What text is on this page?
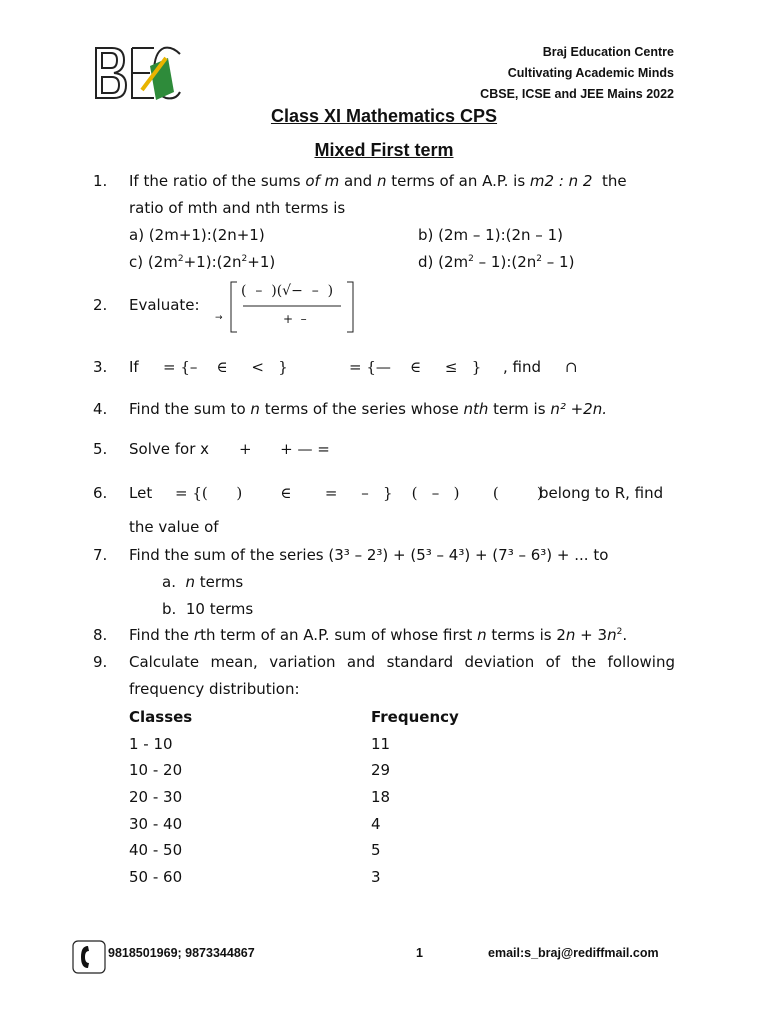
BEC
Braj Education Centre
Cultivating Academic Minds
CBSE, ICSE and JEE Mains 2022
Class XI Mathematics CPS
Mixed First term
1.	If the ratio of the sums of m and n terms of an A.P. is m2 : n 2  the
ratio of mth and nth terms is
a) (2m+1):(2n+1)	b) (2m – 1):(2n – 1)
c) $(2m^2+1):(2n^2+1)$	d) ($2m^2$ – $1):(2n^2 - 1)$
2.	Evaluate:
→
(  –  )(√−  –  )
+  –
3.	If = {–    ∈     <   }	= {—    ∈     ≤   } , find ∩
4.	Find the sum to n terms of the series whose nth term is n² +2n.
5.	Solve for x +      + — =
6.	Let = {(      )        ∈       =     –   }    (   –   )       (        )
belong to R, find
the value of
7.	Find the sum of the series (3³ – 2³) + (5³ – 4³) + (7³ – 6³) + ... to
a. n terms
b. 10 terms
8.	Find the rth term of an A.P. sum of whose first n terms is $2n + 3n^2$.
9.	Calculate mean, variation and standard deviation of the following frequency distribution:
Classes	Frequency
1 - 10	11
10 - 20	29
20 - 30	18
30 - 40	4
40 - 50	5
50 - 60	3
9818501969; 9873344867	1	email:s_braj@rediffmail.com
